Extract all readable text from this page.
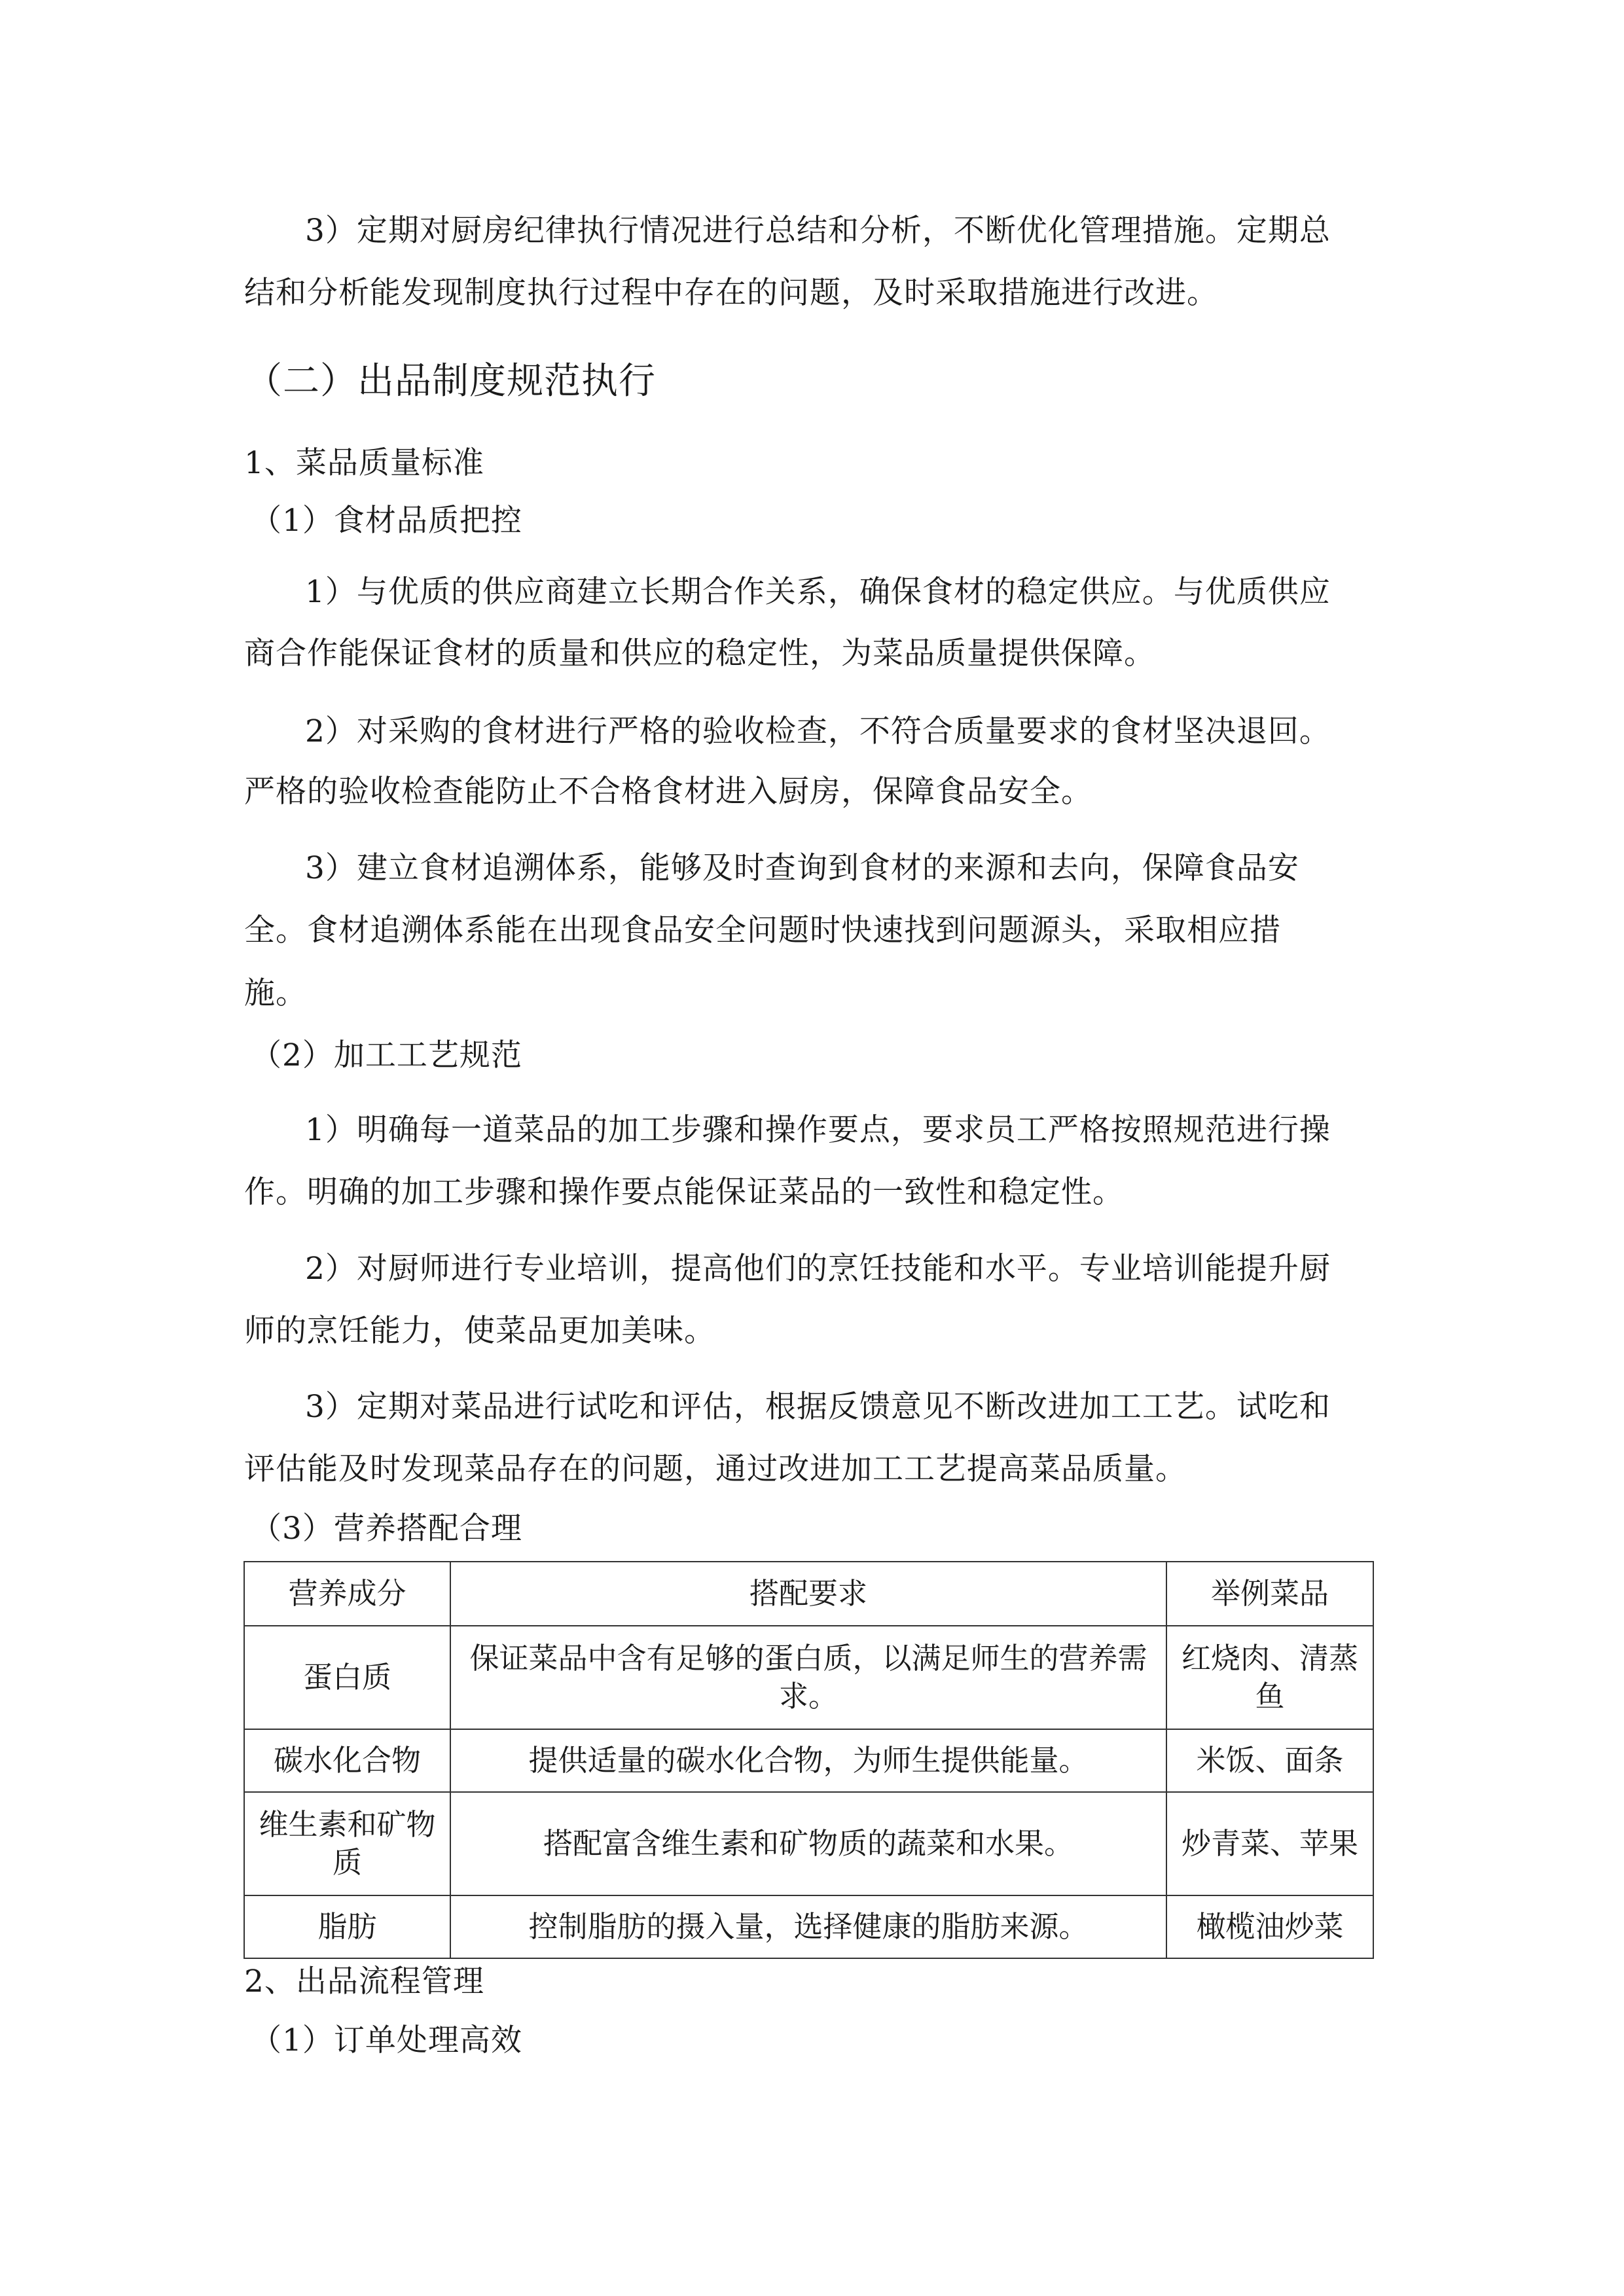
3）定期对厨房纪律执行情况进行总结和分析，不断优化管理措施。定期总
结和分析能发现制度执行过程中存在的问题，及时采取措施进行改进。
（二）出品制度规范执行
1、菜品质量标准
（1）食材品质把控
1）与优质的供应商建立长期合作关系，确保食材的稳定供应。与优质供应
商合作能保证食材的质量和供应的稳定性，为菜品质量提供保障。
2）对采购的食材进行严格的验收检查，不符合质量要求的食材坚决退回。
严格的验收检查能防止不合格食材进入厨房，保障食品安全。
3）建立食材追溯体系，能够及时查询到食材的来源和去向，保障食品安
全。食材追溯体系能在出现食品安全问题时快速找到问题源头，采取相应措
施。
（2）加工工艺规范
1）明确每一道菜品的加工步骤和操作要点，要求员工严格按照规范进行操
作。明确的加工步骤和操作要点能保证菜品的一致性和稳定性。
2）对厨师进行专业培训，提高他们的烹饪技能和水平。专业培训能提升厨
师的烹饪能力，使菜品更加美味。
3）定期对菜品进行试吃和评估，根据反馈意见不断改进加工工艺。试吃和
评估能及时发现菜品存在的问题，通过改进加工工艺提高菜品质量。
（3）营养搭配合理
营养成分	搭配要求	举例菜品
蛋白质	保证菜品中含有足够的蛋白质，以满足师生的营养需求。	红烧肉、清蒸鱼
碳水化合物	提供适量的碳水化合物，为师生提供能量。	米饭、面条
维生素和矿物质	搭配富含维生素和矿物质的蔬菜和水果。	炒青菜、苹果
脂肪	控制脂肪的摄入量，选择健康的脂肪来源。	橄榄油炒菜
2、出品流程管理
（1）订单处理高效
